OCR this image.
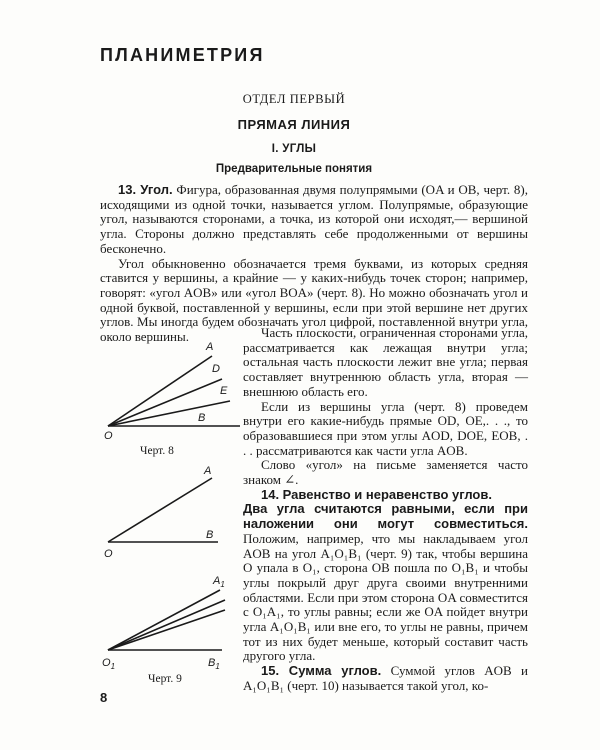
ПЛАНИМЕТРИЯ
ОТДЕЛ ПЕРВЫЙ
ПРЯМАЯ ЛИНИЯ
I. УГЛЫ
Предварительные понятия

13. Угол. Фигура, образованная двумя полупрямыми (OA и OB, черт. 8), исходящими из одной точки, называется углом. Полупрямые, образующие угол, называются сторонами, а точка, из которой они исходят,— вершиной угла. Стороны должно представлять себе продолженными от вершины бесконечно.

Угол обыкновенно обозначается тремя буквами, из которых средняя ставится у вершины, а крайние — у каких-нибудь точек сторон; например, говорят: «угол AOB» или «угол BOA» (черт. 8). Но можно обозначать угол и одной буквой, поставленной у вершины, если при этой вершине нет других углов. Мы иногда будем обозначать угол цифрой, поставленной внутри угла, около вершины.	Часть плоскости, ограниченная сторонами угла, рассматривается как лежащая внутри угла; остальная часть плоскости лежит вне угла; первая составляет внутреннюю область угла, вторая — внешнюю область его.

Если из вершины угла (черт. 8) проведем внутри его какие-нибудь прямые OD, OE,. . ., то образовавшиеся при этом углы AOD, DOE, EOB, . . . рассматриваются как части угла AOB.

Слово «угол» на письме заменяется часто знаком ∠.

14. Равенство и неравенство углов.

Два угла считаются равными, если при наложении они могут совместиться. Положим, например, что мы накладываем угол AOB на угол A₁O₁B₁ (черт. 9) так, чтобы вершина O упала в O₁, сторона OB пошла по O₁B₁ и чтобы углы покрылй друг друга своими внутренними областями. Если при этом сторона OA совместится с O₁A₁, то углы равны; если же OA пойдет внутри угла A₁O₁B₁ или вне его, то углы не равны, причем тот из них будет меньше, который составит часть другого угла.

15. Сумма углов. Суммой углов AOB и A₁O₁B₁ (черт. 10) называется такой угол, ко-

A
D
E
B
O
Черт. 8
A
B
O
$A_1$
$B_1$
$O_1$
Черт. 9
8
